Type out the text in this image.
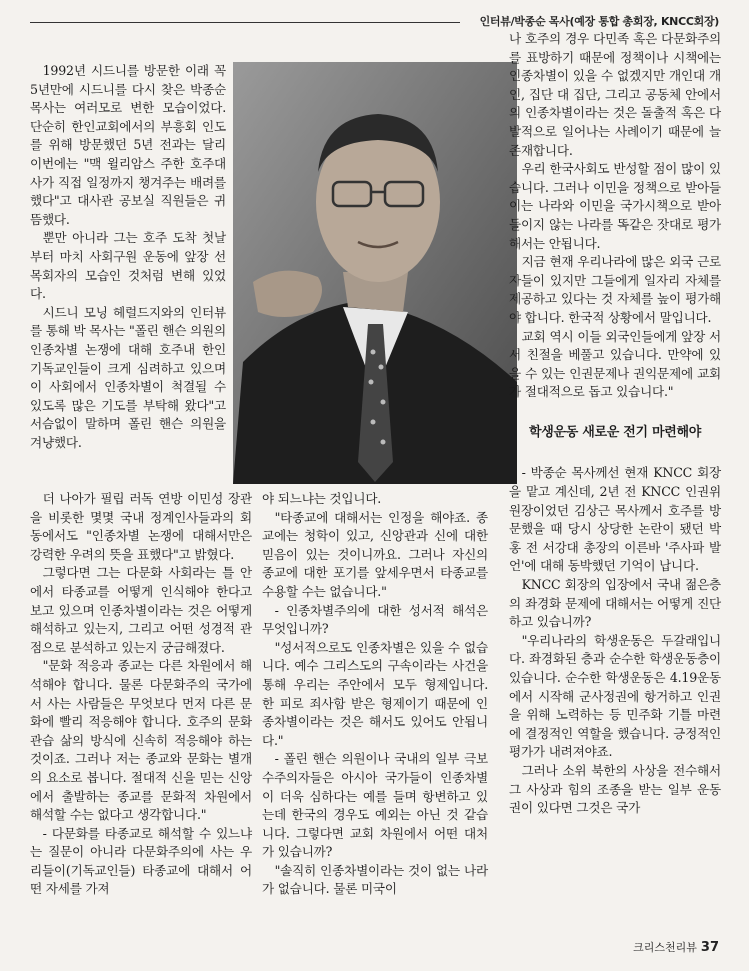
인터뷰/박종순 목사(예장 통합 총회장, KNCC회장)

1992년 시드니를 방문한 이래 꼭 5년만에 시드니를 다시 찾은 박종순 목사는 여러모로 변한 모습이었다. 단순히 한인교회에서의 부흥회 인도를 위해 방문했던 5년 전과는 달리 이번에는 "맥 윌리암스 주한 호주대사가 직접 일정까지 챙겨주는 배려를 했다"고 대사관 공보실 직원들은 귀뜸했다.

뿐만 아니라 그는 호주 도착 첫날부터 마치 사회구원 운동에 앞장 선 목회자의 모습인 것처럼 변해 있었다.

시드니 모닝 헤럴드지와의 인터뷰를 통해 박 목사는 "폴린 핸슨 의원의 인종차별 논쟁에 대해 호주내 한인 기독교인들이 크게 심려하고 있으며 이 사회에서 인종차별이 척결될 수 있도록 많은 기도를 부탁해 왔다"고 서슴없이 말하며 폴린 핸슨 의원을 겨냥했다.

더 나아가 필립 러독 연방 이민성 장관을 비롯한 몇몇 국내 정계인사들과의 회동에서도 "인종차별 논쟁에 대해서만은 강력한 우려의 뜻을 표했다"고 밝혔다.

그렇다면 그는 다문화 사회라는 틀 안에서 타종교를 어떻게 인식해야 한다고 보고 있으며 인종차별이라는 것은 어떻게 해석하고 있는지, 그리고 어떤 성경적 관점으로 분석하고 있는지 궁금해졌다.

"문화 적응과 종교는 다른 차원에서 해석해야 합니다. 물론 다문화주의 국가에서 사는 사람들은 무엇보다 먼저 다른 문화에 빨리 적응해야 합니다. 호주의 문화 관습 삶의 방식에 신속히 적응해야 하는 것이죠. 그러나 저는 종교와 문화는 별개의 요소로 봅니다. 절대적 신을 믿는 신앙에서 출발하는 종교를 문화적 차원에서 해석할 수는 없다고 생각합니다."

- 다문화를 타종교로 해석할 수 있느냐는 질문이 아니라 다문화주의에 사는 우리들이(기독교인들) 타종교에 대해서 어떤 자세를 가져

야 되느냐는 것입니다.

"타종교에 대해서는 인정을 해야죠. 종교에는 청학이 있고, 신앙관과 신에 대한 믿음이 있는 것이니까요. 그러나 자신의 종교에 대한 포기를 앞세우면서 타종교를 수용할 수는 없습니다."

- 인종차별주의에 대한 성서적 해석은 무엇입니까?

"성서적으로도 인종차별은 있을 수 없습니다. 예수 그리스도의 구속이라는 사건을 통해 우리는 주안에서 모두 형제입니다. 한 피로 죄사함 받은 형제이기 때문에 인종차별이라는 것은 해서도 있어도 안됩니다."

- 폴린 핸슨 의원이나 국내의 일부 극보수주의자들은 아시아 국가들이 인종차별이 더욱 심하다는 예를 들며 항변하고 있는데 한국의 경우도 예외는 아닌 것 같습니다. 그렇다면 교회 차원에서 어떤 대처가 있습니까?

"솔직히 인종차별이라는 것이 없는 나라가 없습니다. 물론 미국이

나 호주의 경우 다민족 혹은 다문화주의를 표방하기 때문에 정책이나 시책에는 인종차별이 있을 수 없겠지만 개인대 개인, 집단 대 집단, 그리고 공동체 안에서의 인종차별이라는 것은 돌출적 혹은 다발적으로 일어나는 사례이기 때문에 늘 존재합니다.

우리 한국사회도 반성할 점이 많이 있습니다. 그러나 이민을 정책으로 받아들이는 나라와 이민을 국가시책으로 받아들이지 않는 나라를 똑같은 잣대로 평가해서는 안됩니다.

지금 현재 우리나라에 많은 외국 근로자들이 있지만 그들에게 일자리 자체를 제공하고 있다는 것 자체를 높이 평가해야 합니다. 한국적 상황에서 말입니다.

교회 역시 이들 외국인들에게 앞장 서서 친절을 베풀고 있습니다. 만약에 있을 수 있는 인권문제나 권익문제에 교회가 절대적으로 돕고 있습니다."

학생운동 새로운 전기 마련해야

- 박종순 목사께선 현재 KNCC 회장을 맡고 계신데, 2년 전 KNCC 인권위원장이었던 김상근 목사께서 호주를 방문했을 때 당시 상당한 논란이 됐던 박홍 전 서강대 총장의 이른바 '주사파 발언'에 대해 동박했던 기억이 납니다.

KNCC 회장의 입장에서 국내 젊은층의 좌경화 문제에 대해서는 어떻게 진단하고 있습니까?

"우리나라의 학생운동은 두갈래입니다. 좌경화된 층과 순수한 학생운동층이 있습니다. 순수한 학생운동은 4.19운동에서 시작해 군사정권에 항거하고 인권을 위해 노력하는 등 민주화 기틀 마련에 결정적인 역할을 했습니다. 긍정적인 평가가 내려져야죠.

그러나 소위 북한의 사상을 전수해서 그 사상과 힘의 조종을 받는 일부 운동권이 있다면 그것은 국가

크리스천리뷰 37
